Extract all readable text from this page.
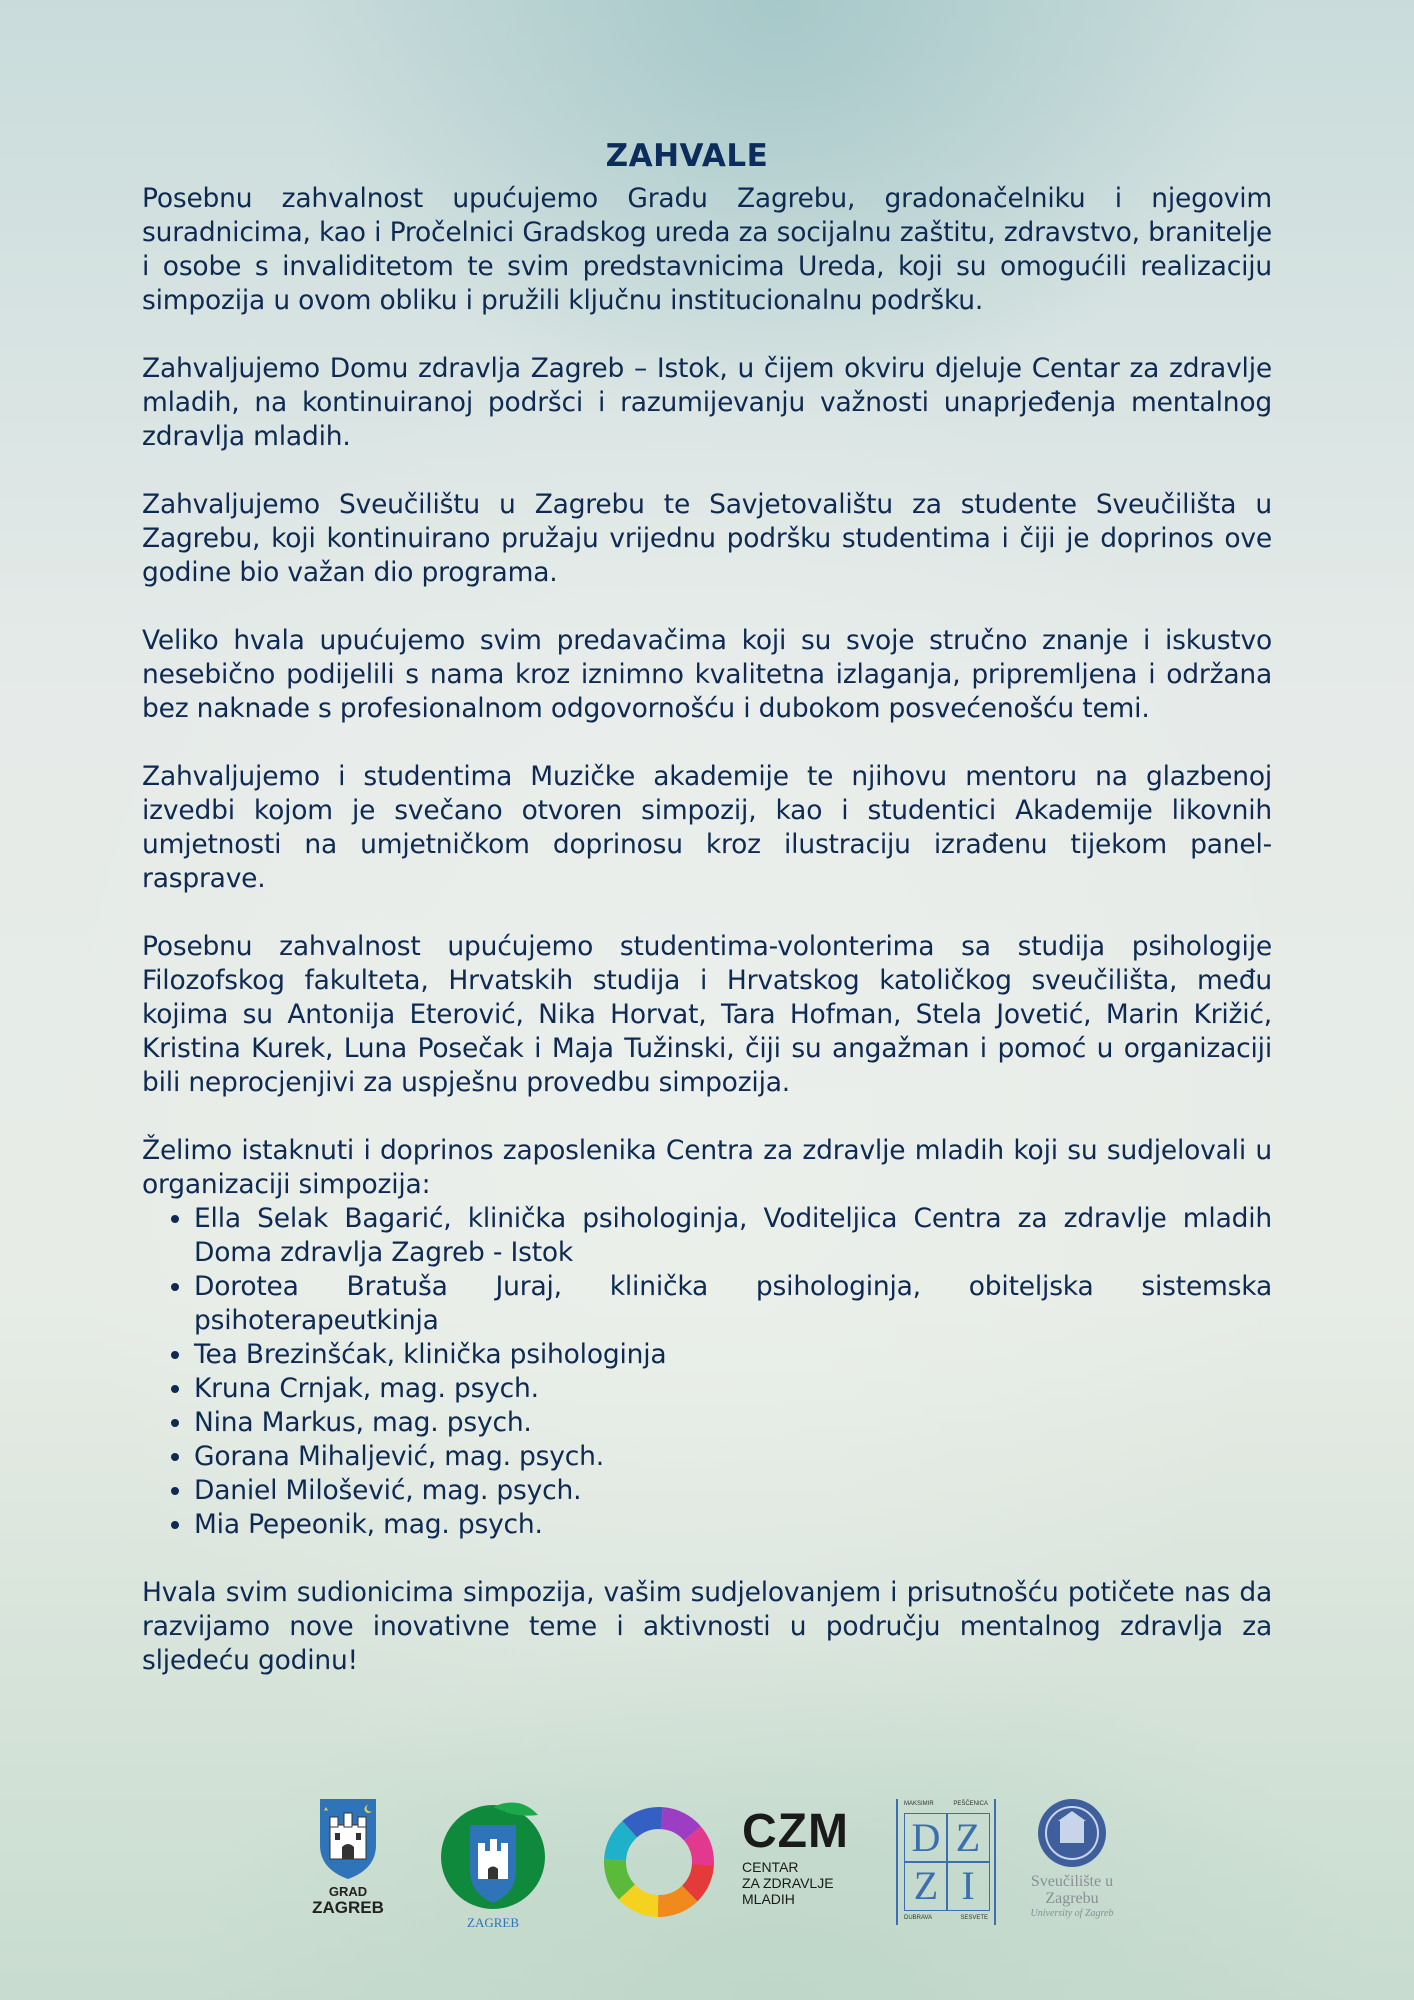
ZAHVALE

Posebnu zahvalnost upućujemo Gradu Zagrebu, gradonačelniku i njegovim suradnicima, kao i Pročelnici Gradskog ureda za socijalnu zaštitu, zdravstvo, branitelje i osobe s invaliditetom te svim predstavnicima Ureda, koji su omogućili realizaciju simpozija u ovom obliku i pružili ključnu institucionalnu podršku.

Zahvaljujemo Domu zdravlja Zagreb – Istok, u čijem okviru djeluje Centar za zdravlje mladih, na kontinuiranoj podršci i razumijevanju važnosti unaprjeđenja mentalnog zdravlja mladih.

Zahvaljujemo Sveučilištu u Zagrebu te Savjetovalištu za studente Sveučilišta u Zagrebu, koji kontinuirano pružaju vrijednu podršku studentima i čiji je doprinos ove godine bio važan dio programa.

Veliko hvala upućujemo svim predavačima koji su svoje stručno znanje i iskustvo nesebično podijelili s nama kroz iznimno kvalitetna izlaganja, pripremljena i održana bez naknade s profesionalnom odgovornošću i dubokom posvećenošću temi.

Zahvaljujemo i studentima Muzičke akademije te njihovu mentoru na glazbenoj izvedbi kojom je svečano otvoren simpozij, kao i studentici Akademije likovnih umjetnosti na umjetničkom doprinosu kroz ilustraciju izrađenu tijekom panel-rasprave.

Posebnu zahvalnost upućujemo studentima-volonterima sa studija psihologije Filozofskog fakulteta, Hrvatskih studija i Hrvatskog katoličkog sveučilišta, među kojima su Antonija Eterović, Nika Horvat, Tara Hofman, Stela Jovetić, Marin Križić, Kristina Kurek, Luna Posečak i Maja Tužinski, čiji su angažman i pomoć u organizaciji bili neprocjenjivi za uspješnu provedbu simpozija.

Želimo istaknuti i doprinos zaposlenika Centra za zdravlje mladih koji su sudjelovali u organizaciji simpozija:

• Ella Selak Bagarić, klinička psihologinja, Voditeljica Centra za zdravlje mladih Doma zdravlja Zagreb - Istok
• Dorotea Bratuša Juraj, klinička psihologinja, obiteljska sistemska psihoterapeutkinja
• Tea Brezinšćak, klinička psihologinja
• Kruna Crnjak, mag. psych.
• Nina Markus, mag. psych.
• Gorana Mihaljević, mag. psych.
• Daniel Milošević, mag. psych.
• Mia Pepeonik, mag. psych.

Hvala svim sudionicima simpozija, vašim sudjelovanjem i prisutnošću potičete nas da razvijamo nove inovativne teme i aktivnosti u području mentalnog zdravlja za sljedeću godinu!

GRAD
ZAGREB
ZAGREB
CZM
CENTAR
ZA ZDRAVLJE
MLADIH
MAKSIMIR	PEŠČENICA
D Z
Z I
DUBRAVA	SESVETE
Sveučilište u
Zagrebu
University of Zagreb
